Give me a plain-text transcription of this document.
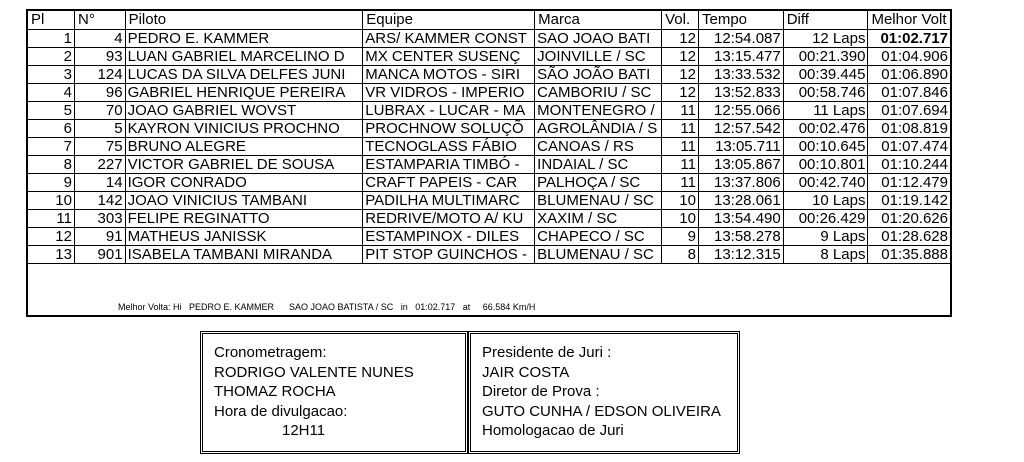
Pl	N°	Piloto	Equipe	Marca	Vol.	Tempo	Diff	Melhor Volt
1	4	PEDRO E. KAMMER	ARS/ KAMMER CONST	SAO JOAO BATI	12	12:54.087	12 Laps	01:02.717
2	93	LUAN GABRIEL MARCELINO D	MX CENTER SUSENÇ	JOINVILLE / SC	12	13:15.477	00:21.390	01:04.906
3	124	LUCAS DA SILVA DELFES JUNI	MANCA MOTOS - SIRI	SÃO JOÃO BATI	12	13:33.532	00:39.445	01:06.890
4	96	GABRIEL HENRIQUE PEREIRA	VR VIDROS - IMPERIO	CAMBORIU / SC	12	13:52.833	00:58.746	01:07.846
5	70	JOAO GABRIEL WOVST	LUBRAX - LUCAR - MA	MONTENEGRO /	11	12:55.066	11 Laps	01:07.694
6	5	KAYRON VINICIUS PROCHNO	PROCHNOW SOLUÇÕ	AGROLÂNDIA / S	11	12:57.542	00:02.476	01:08.819
7	75	BRUNO ALEGRE	TECNOGLASS FÁBIO	CANOAS / RS	11	13:05.711	00:10.645	01:07.474
8	227	VICTOR GABRIEL DE SOUSA	ESTAMPARIA TIMBÓ -	INDAIAL / SC	11	13:05.867	00:10.801	01:10.244
9	14	IGOR CONRADO	CRAFT PAPEIS - CAR	PALHOÇA / SC	11	13:37.806	00:42.740	01:12.479
10	142	JOAO VINICIUS TAMBANI	PADILHA MULTIMARC	BLUMENAU / SC	10	13:28.061	10 Laps	01:19.142
11	303	FELIPE REGINATTO	REDRIVE/MOTO A/ KU	XAXIM / SC	10	13:54.490	00:26.429	01:20.626
12	91	MATHEUS JANISSK	ESTAMPINOX - DILES	CHAPECO / SC	9	13:58.278	9 Laps	01:28.628
13	901	ISABELA TAMBANI MIRANDA	PIT STOP GUINCHOS -	BLUMENAU / SC	8	13:12.315	8 Laps	01:35.888
Melhor Volta: Hi   PEDRO E. KAMMER      SAO JOAO BATISTA / SC   in   01:02.717   at     66.584 Km/H
Cronometragem:
RODRIGO VALENTE NUNES
THOMAZ ROCHA
Hora de divulgacao:
12H11
Presidente de Juri :
JAIR COSTA
Diretor de Prova :
GUTO CUNHA / EDSON OLIVEIRA
Homologacao de Juri
